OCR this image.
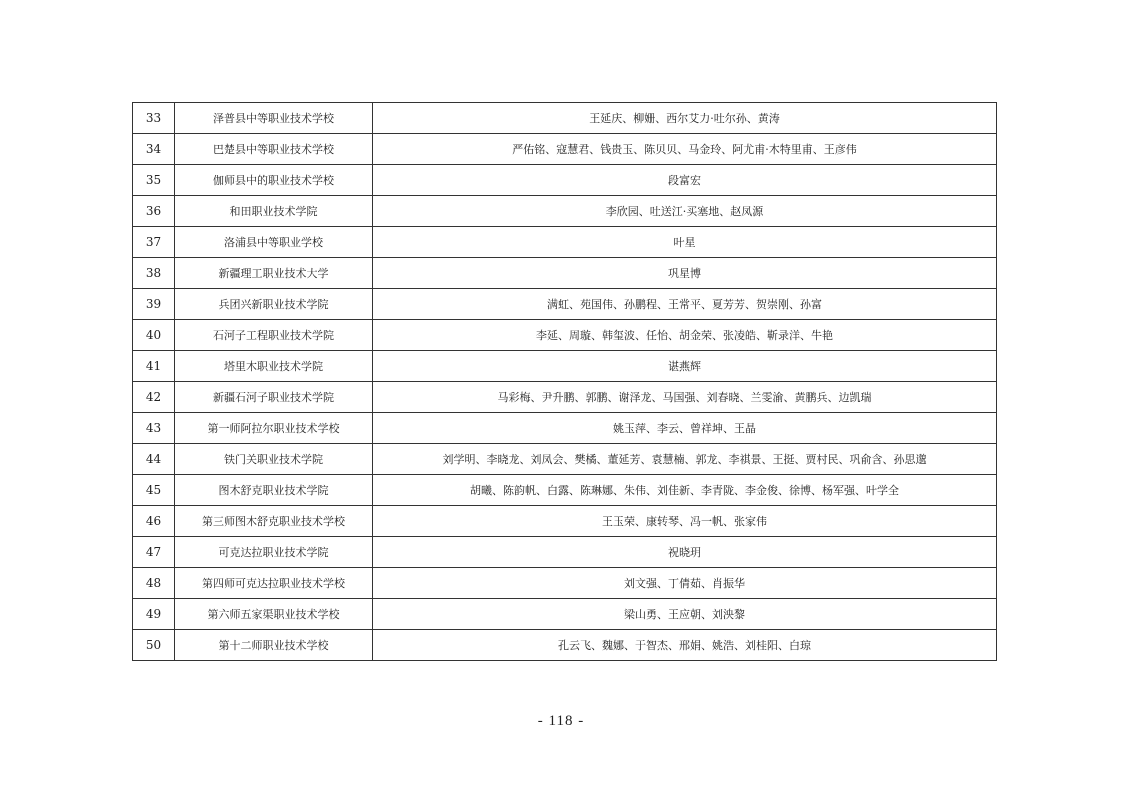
33	泽普县中等职业技术学校	王延庆、柳姗、西尔艾力·吐尔孙、黄涛
34	巴楚县中等职业技术学校	严佑铭、寇慧君、钱贵玉、陈贝贝、马金玲、阿尤甫·木特里甫、王彦伟
35	伽师县中的职业技术学校	段富宏
36	和田职业技术学院	李欣园、吐送江·买塞地、赵凤源
37	洛浦县中等职业学校	叶星
38	新疆理工职业技术大学	巩星博
39	兵团兴新职业技术学院	满虹、苑国伟、孙鹏程、王常平、夏芳芳、贺崇刚、孙富
40	石河子工程职业技术学院	李延、周璇、韩玺波、任怡、胡金荣、张凌皓、靳录洋、牛艳
41	塔里木职业技术学院	谌燕辉
42	新疆石河子职业技术学院	马彩梅、尹升鹏、郭鹏、谢泽龙、马国强、刘春晓、兰雯渝、黄鹏兵、边凯瑞
43	第一师阿拉尔职业技术学校	姚玉萍、李云、曾祥坤、王晶
44	铁门关职业技术学院	刘学明、李晓龙、刘凤会、樊橘、董延芳、袁慧楠、郭龙、李祺景、王挺、贾村民、巩俞含、孙思邈
45	图木舒克职业技术学院	胡曦、陈韵帆、白露、陈琳娜、朱伟、刘佳新、李青陇、李金俊、徐博、杨军强、叶学全
46	第三师图木舒克职业技术学校	王玉荣、康转琴、冯一帆、张家伟
47	可克达拉职业技术学院	祝晓玥
48	第四师可克达拉职业技术学校	刘文强、丁倩茹、肖振华
49	第六师五家渠职业技术学校	梁山勇、王应朝、刘泱黎
50	第十二师职业技术学校	孔云飞、魏娜、于智杰、邢娟、姚浩、刘桂阳、白琼
- 118 -
